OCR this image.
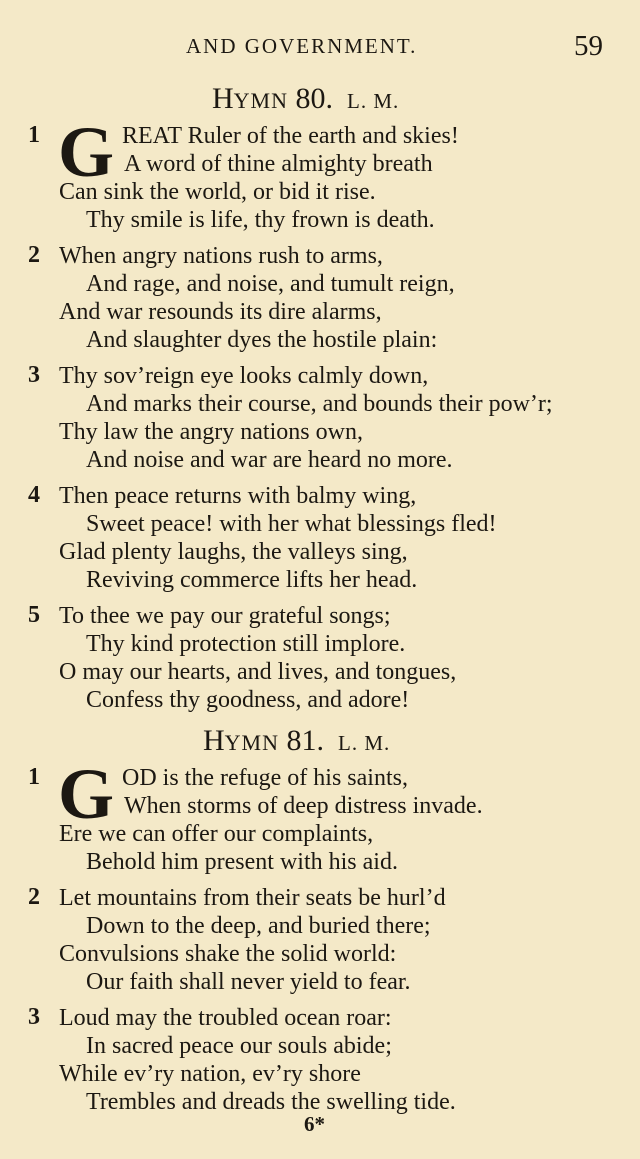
AND GOVERNMENT.	59
HYMN 80. L. M.
1 G REAT Ruler of the earth and skies!
A word of thine almighty breath
Can sink the world, or bid it rise.
Thy smile is life, thy frown is death.
2 When angry nations rush to arms,
And rage, and noise, and tumult reign,
And war resounds its dire alarms,
And slaughter dyes the hostile plain:
3 Thy sov’reign eye looks calmly down,
And marks their course, and bounds their pow’r;
Thy law the angry nations own,
And noise and war are heard no more.
4 Then peace returns with balmy wing,
Sweet peace! with her what blessings fled!
Glad plenty laughs, the valleys sing,
Reviving commerce lifts her head.
5 To thee we pay our grateful songs;
Thy kind protection still implore.
O may our hearts, and lives, and tongues,
Confess thy goodness, and adore!
HYMN 81. L. M.
1 G OD is the refuge of his saints,
When storms of deep distress invade.
Ere we can offer our complaints,
Behold him present with his aid.
2 Let mountains from their seats be hurl’d
Down to the deep, and buried there;
Convulsions shake the solid world:
Our faith shall never yield to fear.
3 Loud may the troubled ocean roar:
In sacred peace our souls abide;
While ev’ry nation, ev’ry shore
Trembles and dreads the swelling tide.
6*
